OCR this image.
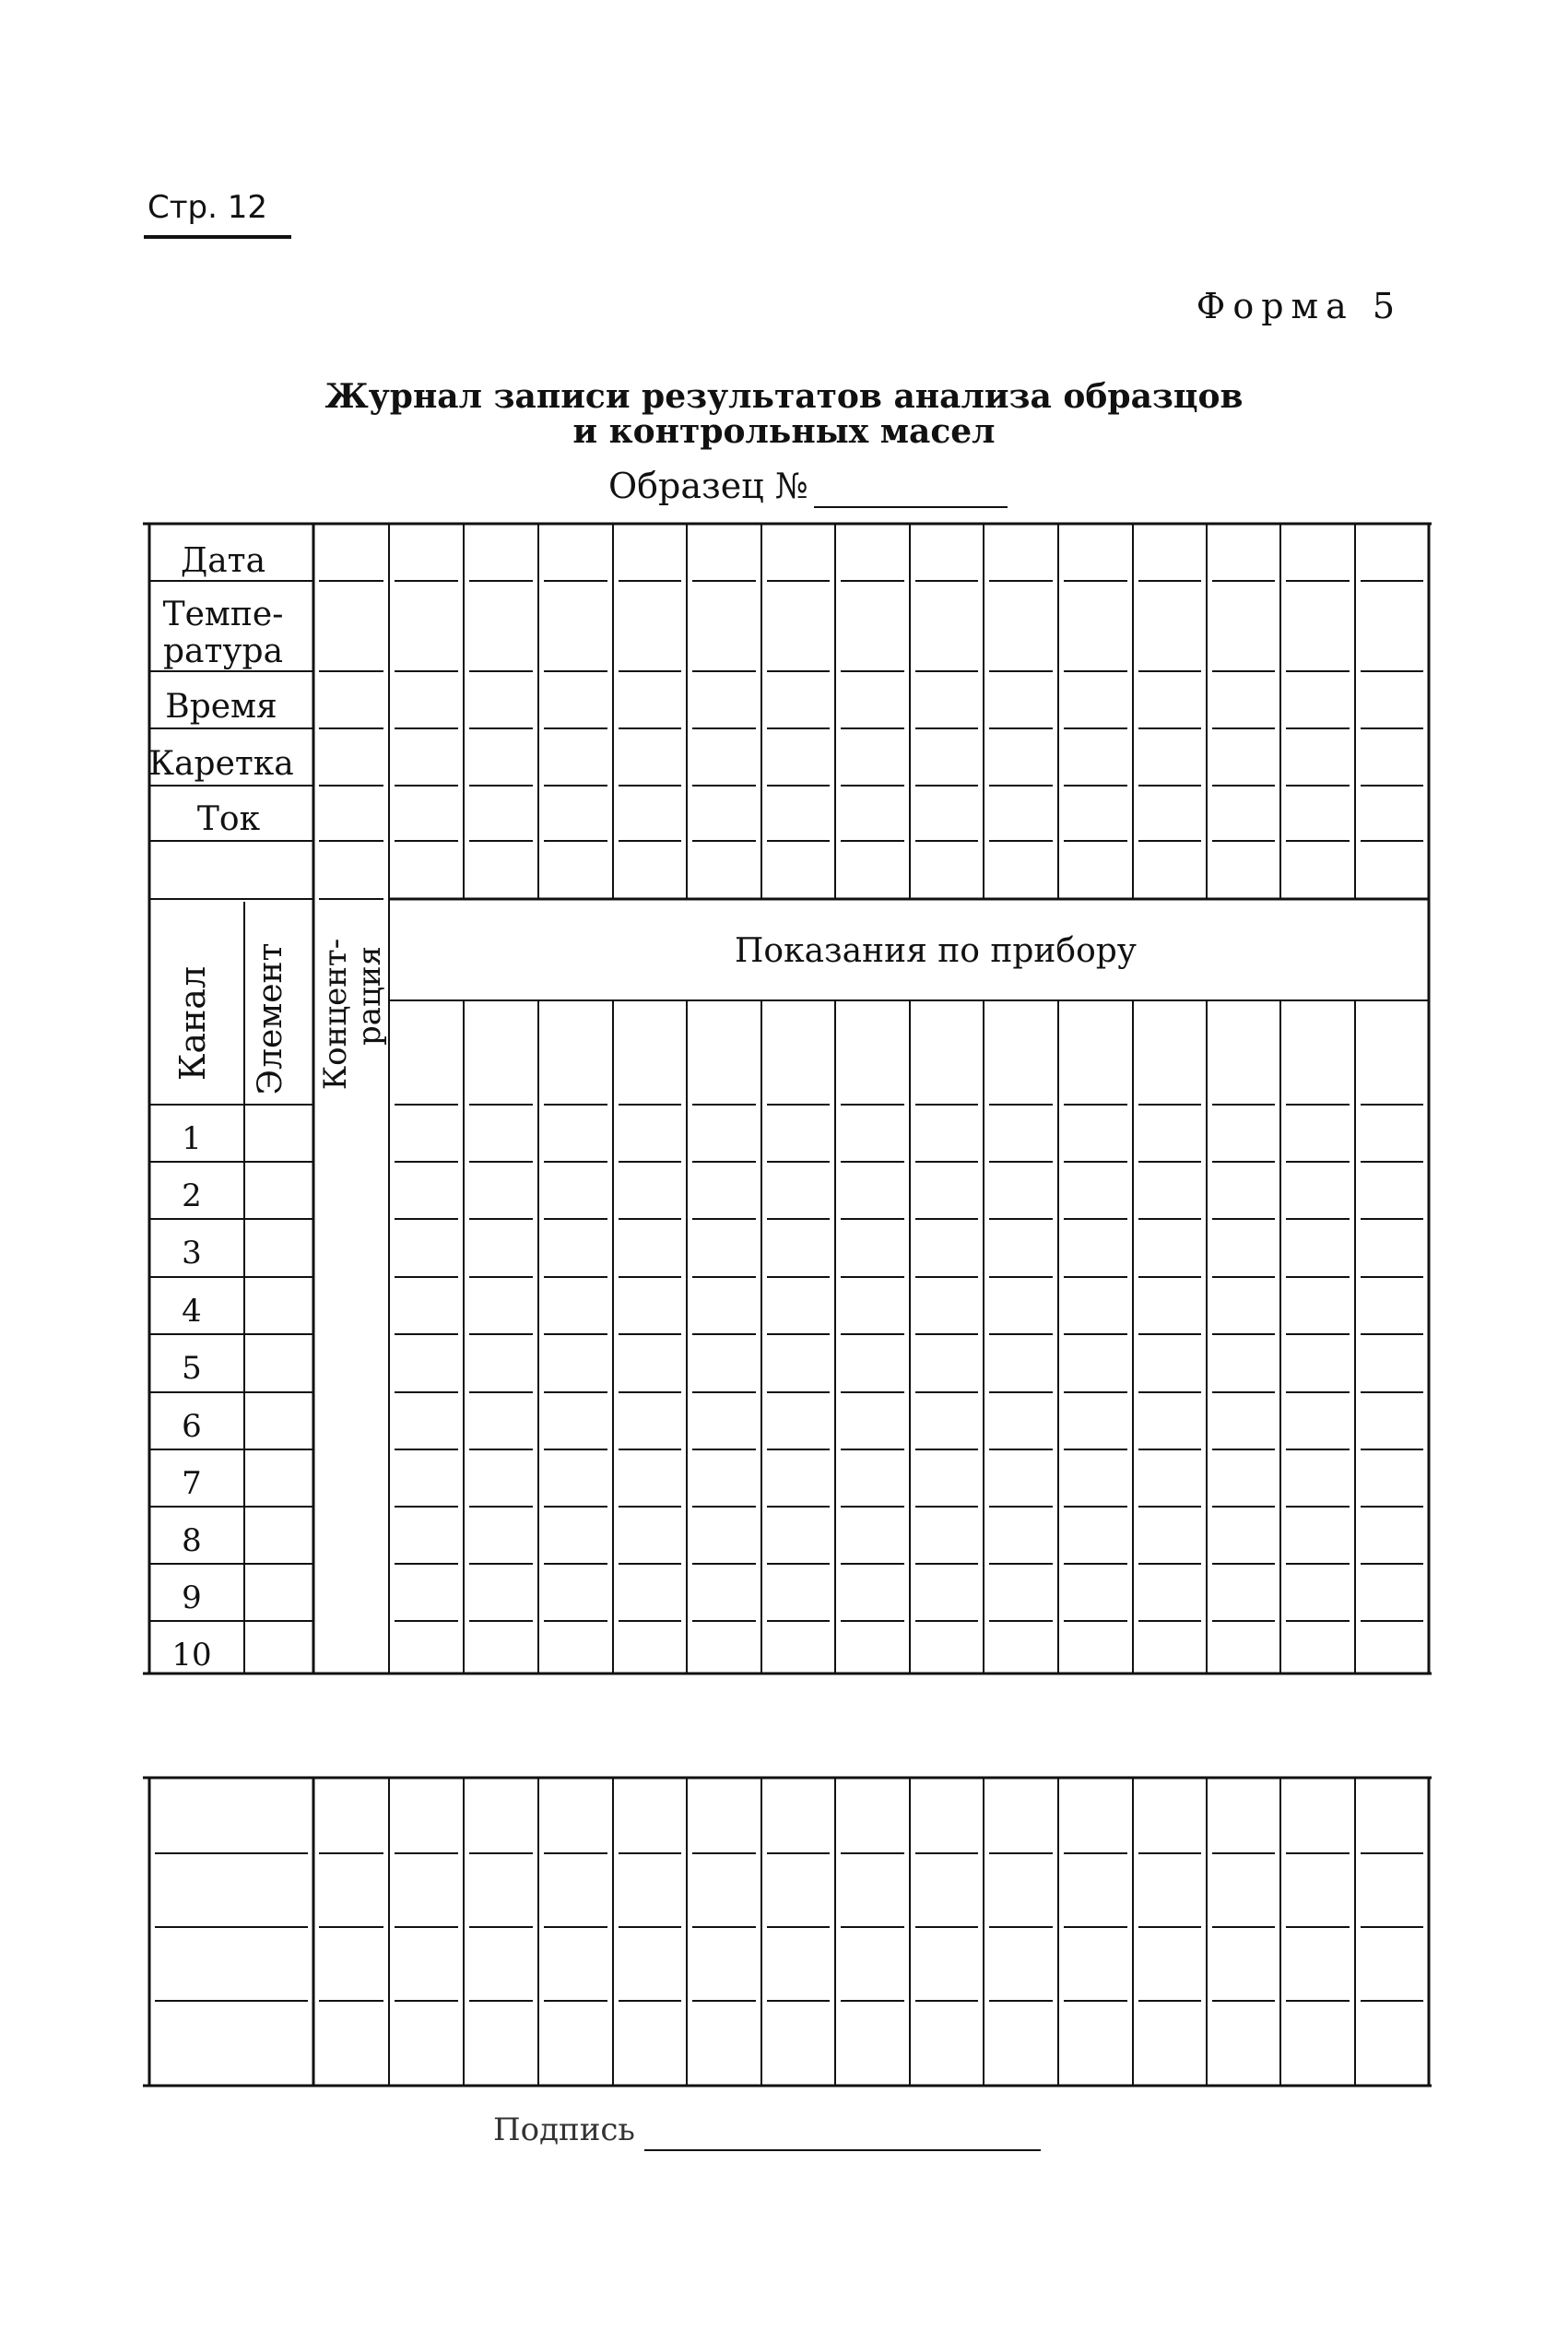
Стр. 12
Форма 5
Журнал записи результатов анализа образцов
и контрольных масел
Образец №
Дата
Темпе-
ратура
Время
Каретка
Ток
Канал Элемент Концент-
рация	Показания по прибору
1
2
3
4
5
6
7
8
9
10
Подпись
